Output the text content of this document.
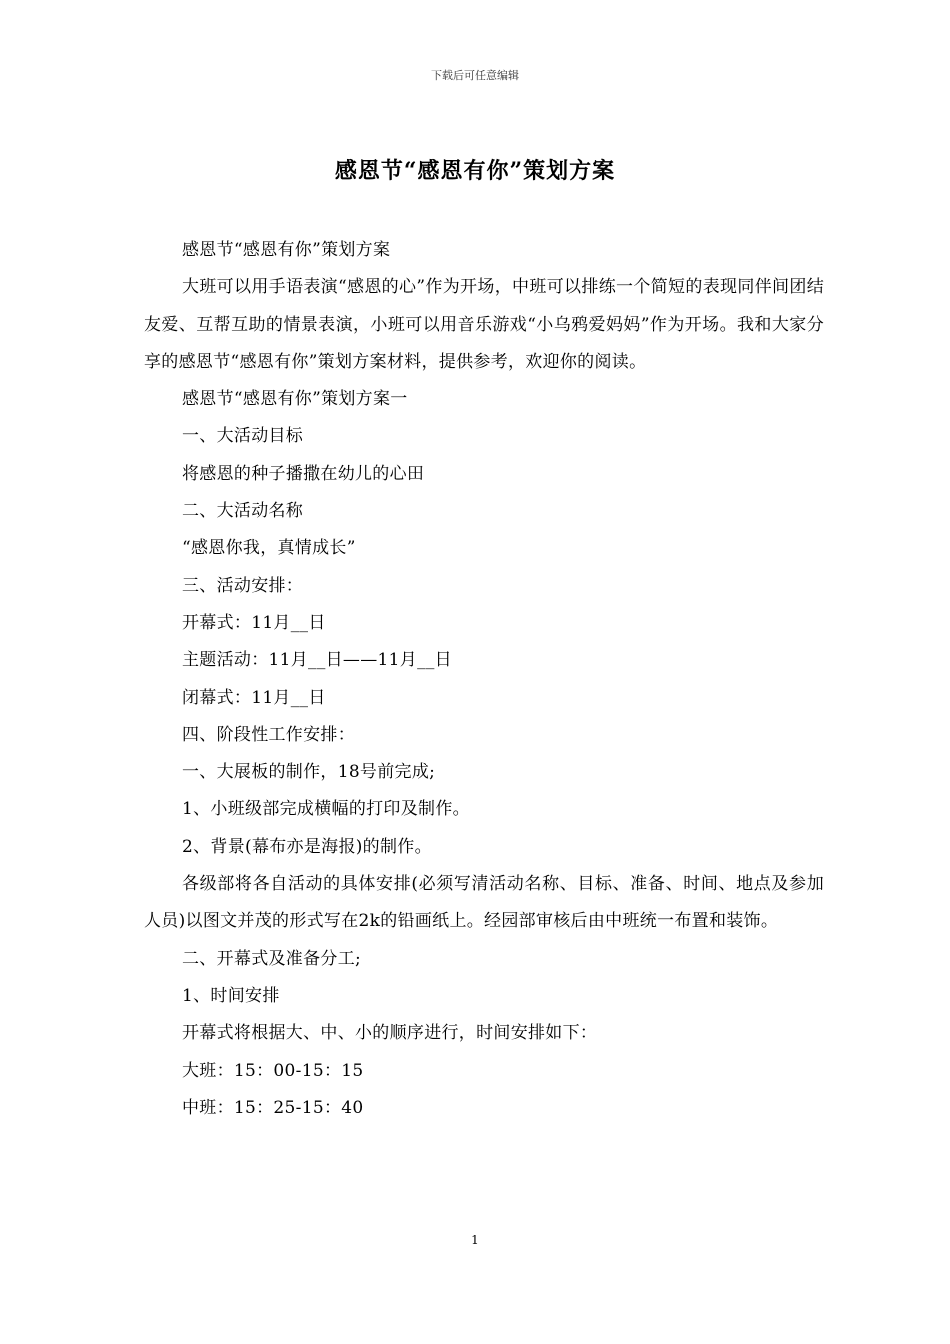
下载后可任意编辑
感恩节“感恩有你”策划方案

感恩节“感恩有你”策划方案

大班可以用手语表演“感恩的心”作为开场，中班可以排练一个简短的表现同伴间团结友爱、互帮互助的情景表演，小班可以用音乐游戏“小乌鸦爱妈妈”作为开场。我和大家分享的感恩节“感恩有你”策划方案材料，提供参考，欢迎你的阅读。

感恩节“感恩有你”策划方案一

一、大活动目标

将感恩的种子播撒在幼儿的心田

二、大活动名称

“感恩你我，真情成长”

三、活动安排：

开幕式：11月__日

主题活动：11月__日——11月__日

闭幕式：11月__日

四、阶段性工作安排：

一、大展板的制作，18号前完成;

1、小班级部完成横幅的打印及制作。

2、背景(幕布亦是海报)的制作。

各级部将各自活动的具体安排(必须写清活动名称、目标、准备、时间、地点及参加人员)以图文并茂的形式写在2k的铅画纸上。经园部审核后由中班统一布置和装饰。

二、开幕式及准备分工;

1、时间安排

开幕式将根据大、中、小的顺序进行，时间安排如下：

大班：15：00-15：15

中班：15：25-15：40

1
